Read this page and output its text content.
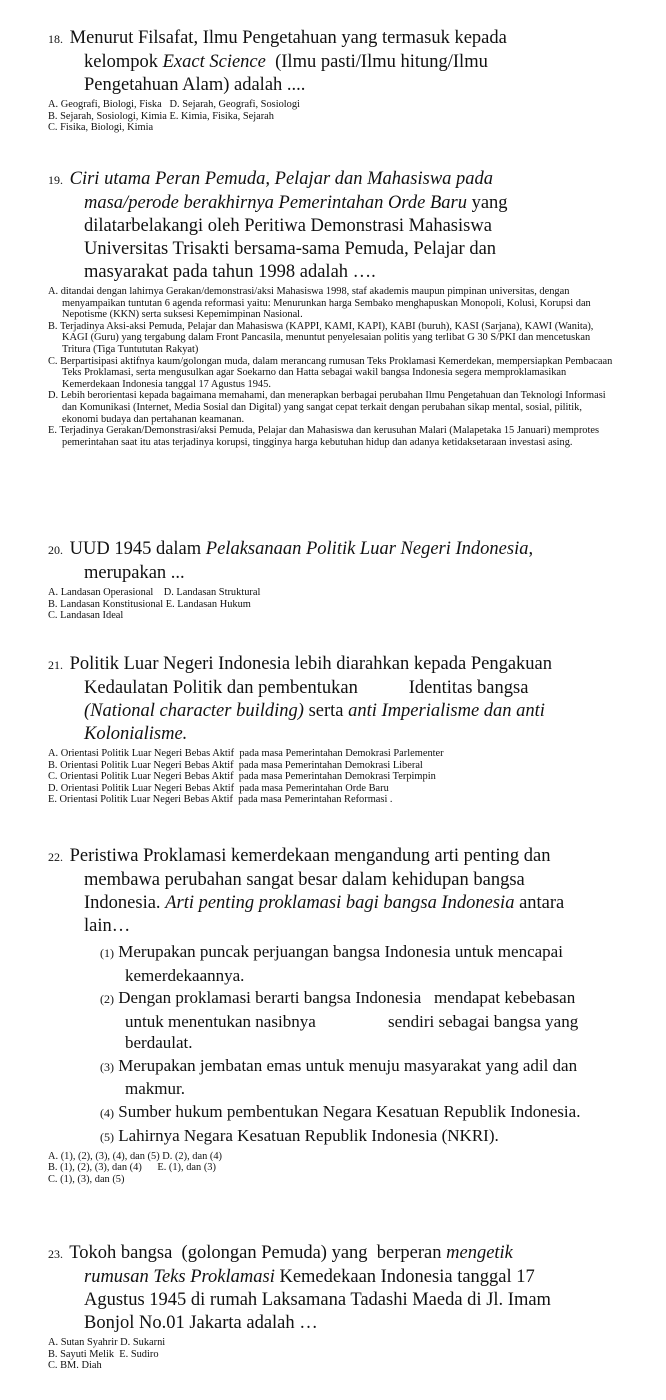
18. Menurut Filsafat, Ilmu Pengetahuan yang termasuk kepada
kelompok Exact Science  (Ilmu pasti/Ilmu hitung/Ilmu
Pengetahuan Alam) adalah ....

A. Geografi, Biologi, Fiska   D. Sejarah, Geografi, Sosiologi

B. Sejarah, Sosiologi, Kimia E. Kimia, Fisika, Sejarah

C. Fisika, Biologi, Kimia

19. Ciri utama Peran Pemuda, Pelajar dan Mahasiswa pada
masa/perode berakhirnya Pemerintahan Orde Baru yang
dilatarbelakangi oleh Peritiwa Demonstrasi Mahasiswa
Universitas Trisakti bersama-sama Pemuda, Pelajar dan
masyarakat pada tahun 1998 adalah ….

A. ditandai dengan lahirnya Gerakan/demonstrasi/aksi Mahasiswa 1998, staf akademis maupun pimpinan universitas, dengan menyampaikan tuntutan 6 agenda reformasi yaitu: Menurunkan harga Sembako menghapuskan Monopoli, Kolusi, Korupsi dan Nepotisme (KKN) serta suksesi Kepemimpinan Nasional.

B. Terjadinya Aksi-aksi Pemuda, Pelajar dan Mahasiswa (KAPPI, KAMI, KAPI), KABI (buruh), KASI (Sarjana), KAWI (Wanita), KAGI (Guru) yang tergabung dalam Front Pancasila, menuntut penyelesaian politis yang terlibat G 30 S/PKI dan mencetuskan Tritura (Tiga Tuntututan Rakyat)

C. Berpartisipasi aktifnya kaum/golongan muda, dalam merancang rumusan Teks Proklamasi Kemerdekan, mempersiapkan Pembacaan Teks Proklamasi, serta mengusulkan agar Soekarno dan Hatta sebagai wakil bangsa Indonesia segera memproklamasikan Kemerdekaan Indonesia tanggal 17 Agustus 1945.

D. Lebih berorientasi kepada bagaimana memahami, dan menerapkan berbagai perubahan Ilmu Pengetahuan dan Teknologi Informasi dan Komunikasi (Internet, Media Sosial dan Digital) yang sangat cepat terkait dengan perubahan sikap mental, sosial, pilitik, ekonomi budaya dan pertahanan keamanan.

E. Terjadinya Gerakan/Demonstrasi/aksi Pemuda, Pelajar dan Mahasiswa dan kerusuhan Malari (Malapetaka 15 Januari) memprotes pemerintahan saat itu atas terjadinya korupsi, tingginya harga kebutuhan hidup dan adanya ketidaksetaraan investasi asing.

20. UUD 1945 dalam Pelaksanaan Politik Luar Negeri Indonesia,
merupakan ...

A. Landasan Operasional    D. Landasan Struktural

B. Landasan Konstitusional E. Landasan Hukum

C. Landasan Ideal

21. Politik Luar Negeri Indonesia lebih diarahkan kepada Pengakuan
Kedaulatan Politik dan pembentukan           Identitas bangsa
(National character building) serta anti Imperialisme dan anti
Kolonialisme.

A. Orientasi Politik Luar Negeri Bebas Aktif  pada masa Pemerintahan Demokrasi Parlementer

B. Orientasi Politik Luar Negeri Bebas Aktif  pada masa Pemerintahan Demokrasi Liberal

C. Orientasi Politik Luar Negeri Bebas Aktif  pada masa Pemerintahan Demokrasi Terpimpin

D. Orientasi Politik Luar Negeri Bebas Aktif  pada masa Pemerintahan Orde Baru

E. Orientasi Politik Luar Negeri Bebas Aktif  pada masa Pemerintahan Reformasi .

22. Peristiwa Proklamasi kemerdekaan mengandung arti penting dan
membawa perubahan sangat besar dalam kehidupan bangsa
Indonesia. Arti penting proklamasi bagi bangsa Indonesia antara
lain…

(1) Merupakan puncak perjuangan bangsa Indonesia untuk mencapai kemerdekaannya.

(2) Dengan proklamasi berarti bangsa Indonesia   mendapat kebebasan untuk menentukan nasibnya                 sendiri sebagai bangsa yang berdaulat.

(3) Merupakan jembatan emas untuk menuju masyarakat yang adil dan makmur.

(4) Sumber hukum pembentukan Negara Kesatuan Republik Indonesia.

(5) Lahirnya Negara Kesatuan Republik Indonesia (NKRI).

A. (1), (2), (3), (4), dan (5) D. (2), dan (4)

B. (1), (2), (3), dan (4)      E. (1), dan (3)

C. (1), (3), dan (5)

23. Tokoh bangsa  (golongan Pemuda) yang  berperan mengetik
rumusan Teks Proklamasi Kemedekaan Indonesia tanggal 17
Agustus 1945 di rumah Laksamana Tadashi Maeda di Jl. Imam
Bonjol No.01 Jakarta adalah …

A. Sutan Syahrir D. Sukarni

B. Sayuti Melik  E. Sudiro

C. BM. Diah
